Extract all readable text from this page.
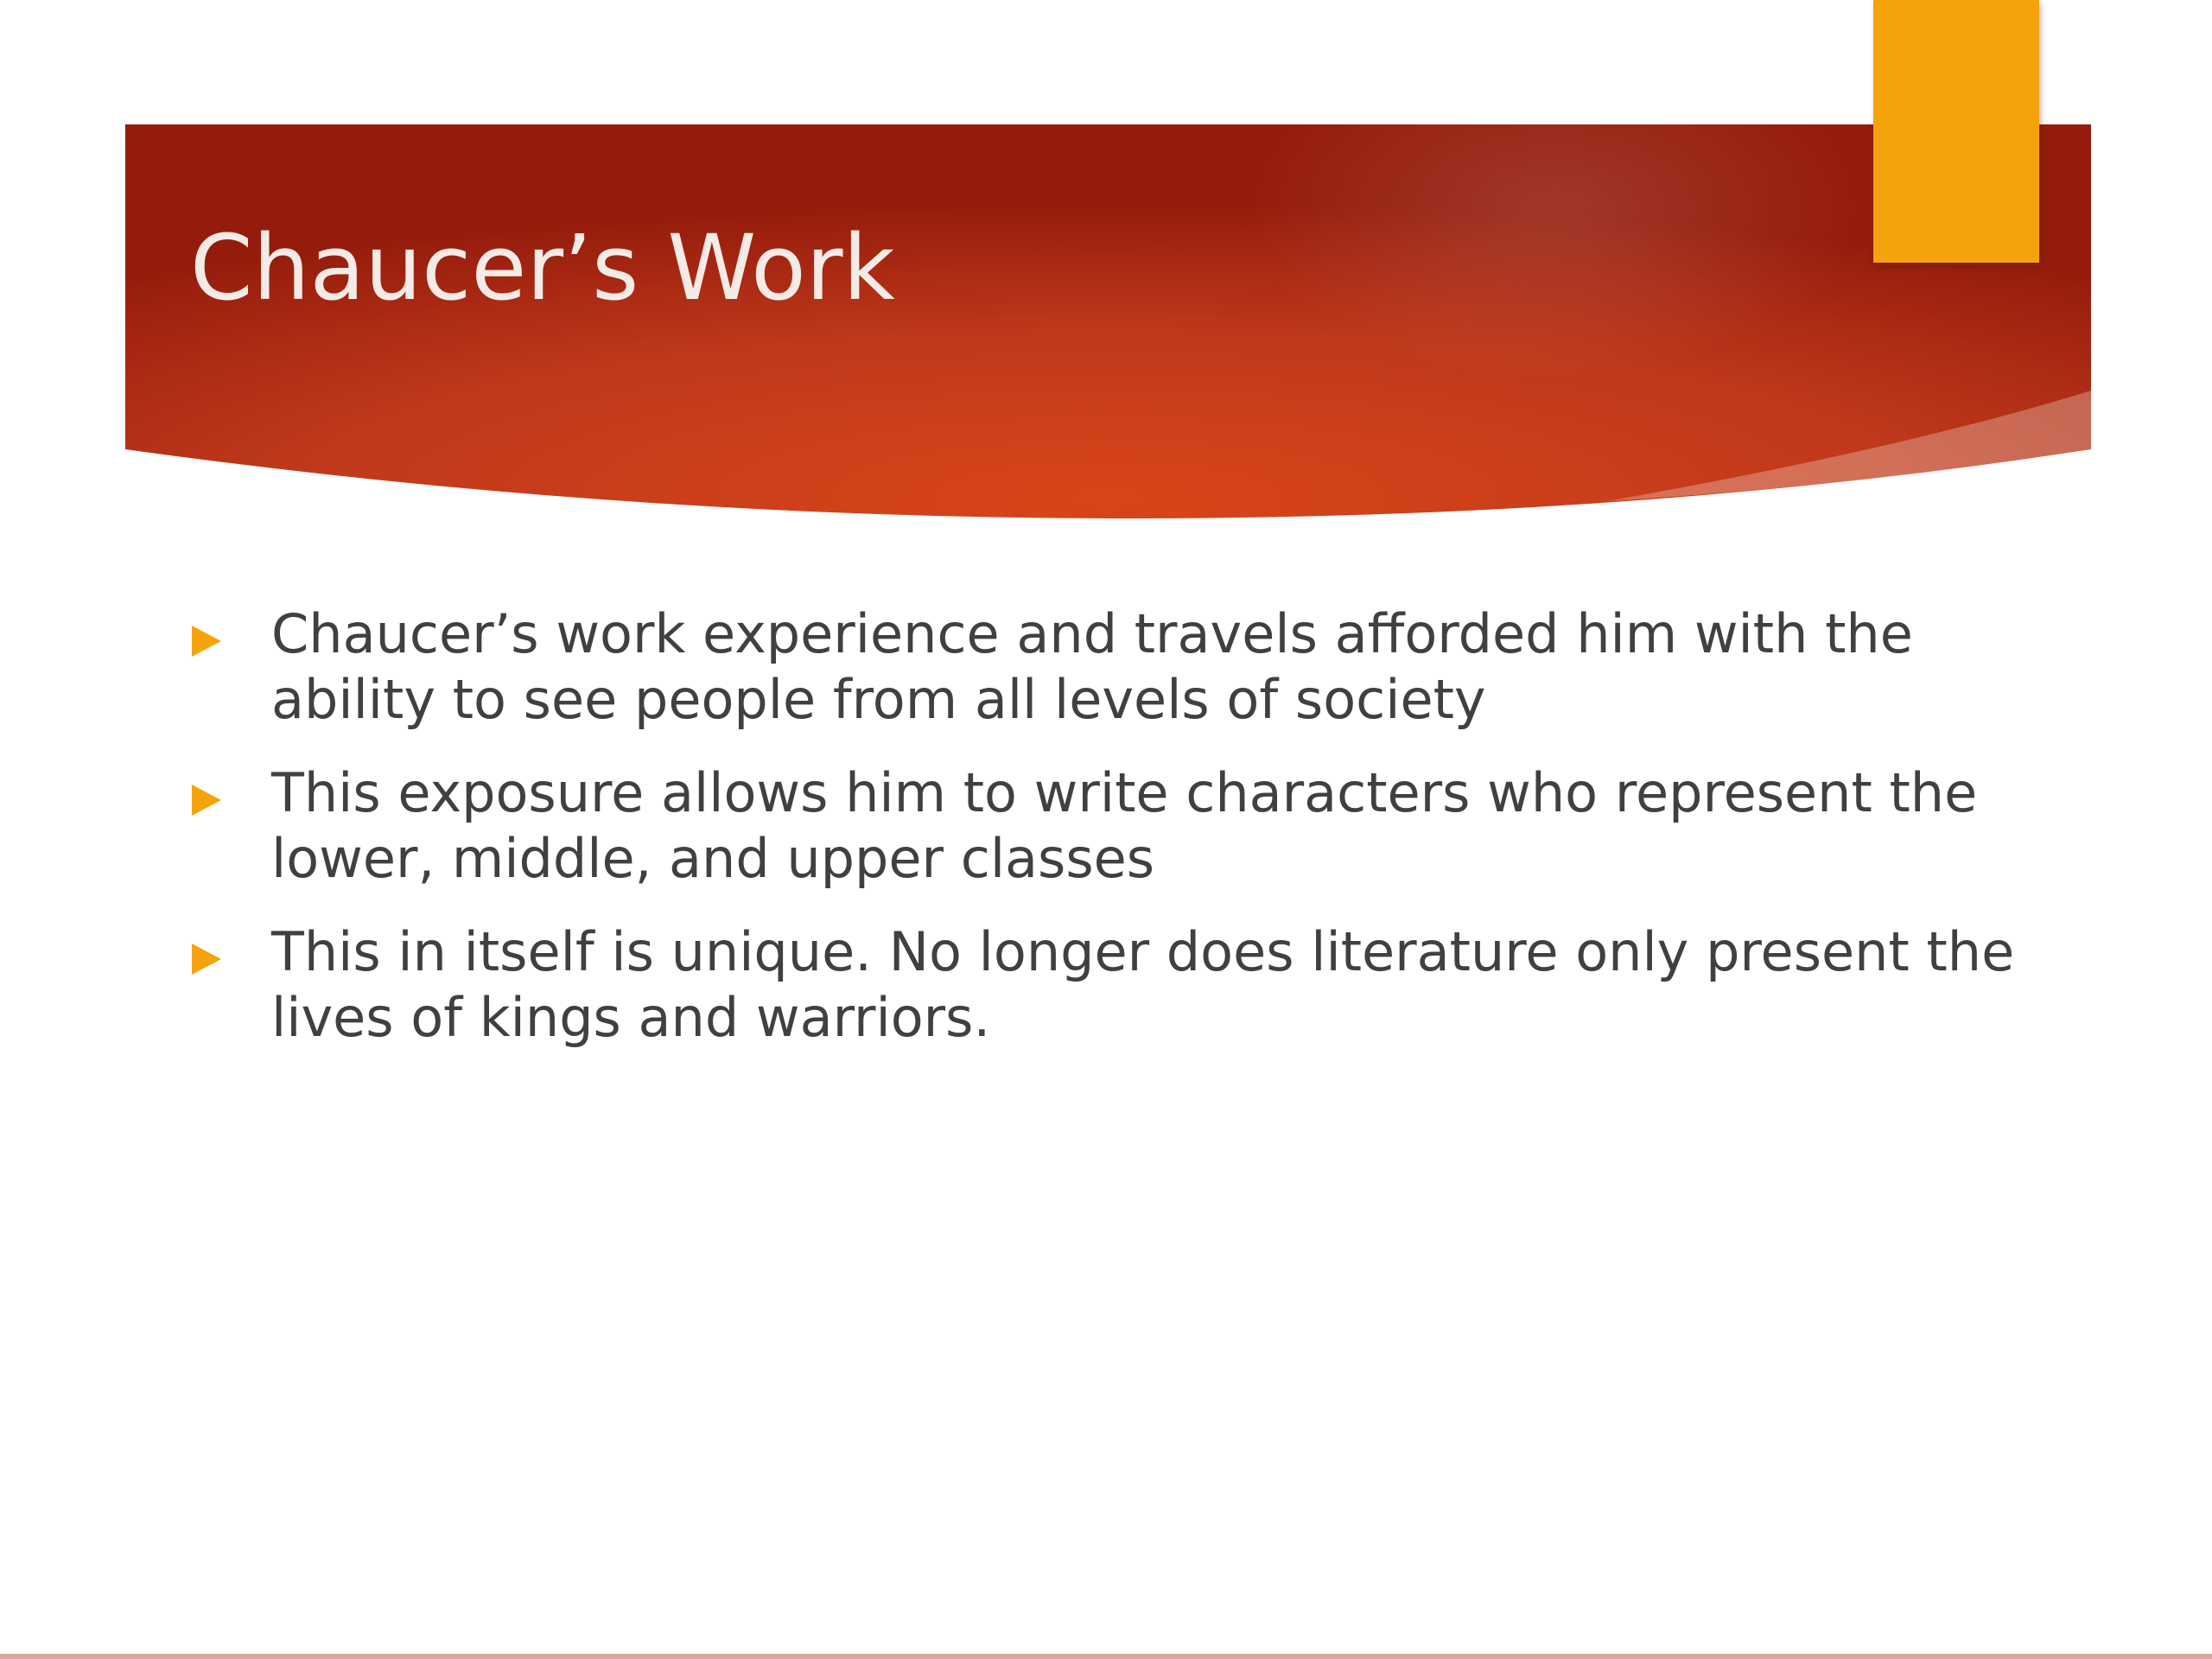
Chaucer’s Work
Chaucer’s work experience and travels afforded him with the ability to see people from all levels of society
This exposure allows him to write characters who represent the lower, middle, and upper classes
This in itself is unique. No longer does literature only present the lives of kings and warriors.
